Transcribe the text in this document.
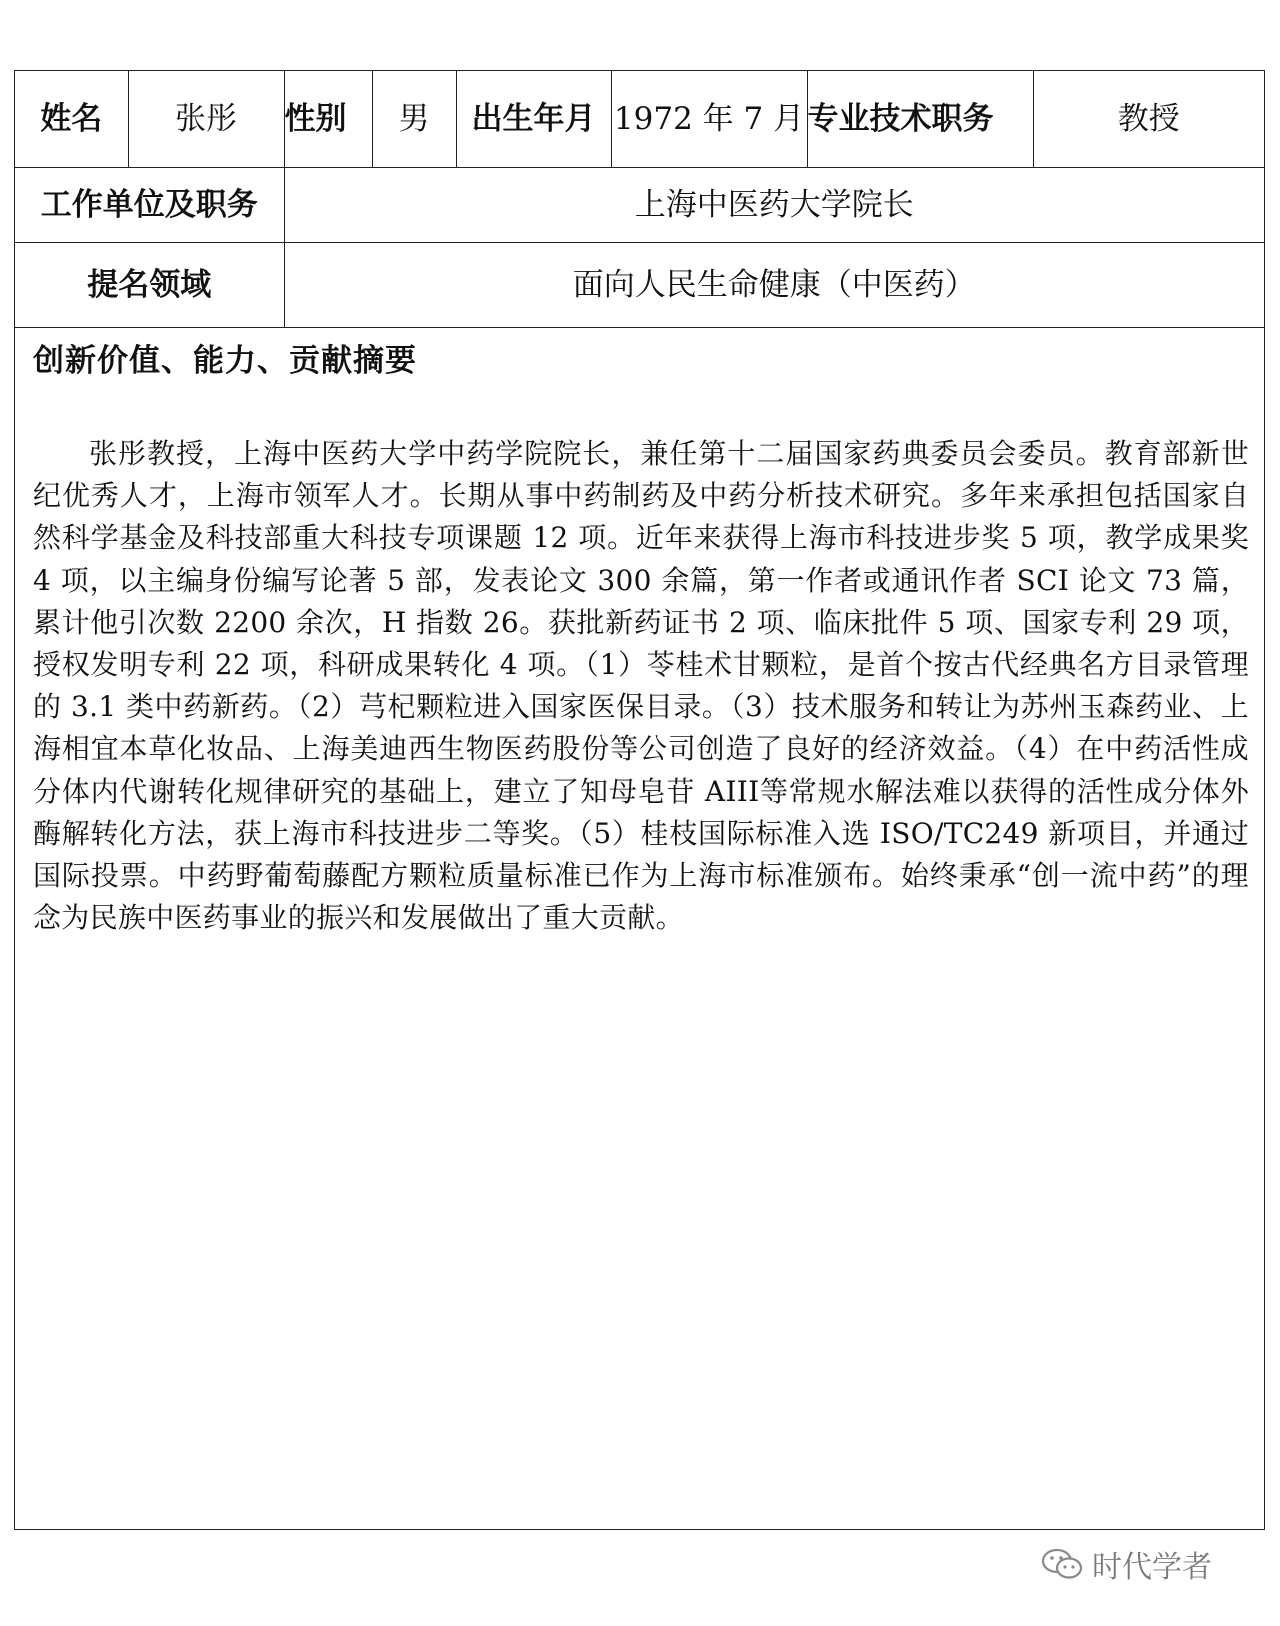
姓名	张彤	性别	男	出生年月	1972 年 7 月	专业技术职务	教授
工作单位及职务		上海中医药大学院长					
提名领域		面向人民生命健康（中医药）					
创新价值、能力、贡献摘要
张彤教授，上海中医药大学中药学院院长，兼任第十二届国家药典委员会委员。教育部新世纪优秀人才，上海市领军人才。长期从事中药制药及中药分析技术研究。多年来承担包括国家自然科学基金及科技部重大科技专项课题 12 项。近年来获得上海市科技进步奖 5 项，教学成果奖 4 项，以主编身份编写论著 5 部，发表论文 300 余篇，第一作者或通讯作者 SCI 论文 73 篇，累计他引次数 2200 余次，H 指数 26。获批新药证书 2 项、临床批件 5 项、国家专利 29 项，授权发明专利 22 项，科研成果转化 4 项。（1）苓桂术甘颗粒，是首个按古代经典名方目录管理的 3.1 类中药新药。（2）芎杞颗粒进入国家医保目录。（3）技术服务和转让为苏州玉森药业、上海相宜本草化妆品、上海美迪西生物医药股份等公司创造了良好的经济效益。（4）在中药活性成分体内代谢转化规律研究的基础上，建立了知母皂苷 AIII等常规水解法难以获得的活性成分体外酶解转化方法，获上海市科技进步二等奖。（5）桂枝国际标准入选 ISO/TC249 新项目，并通过国际投票。中药野葡萄藤配方颗粒质量标准已作为上海市标准颁布。始终秉承“创一流中药”的理念为民族中医药事业的振兴和发展做出了重大贡献。
时代学者
